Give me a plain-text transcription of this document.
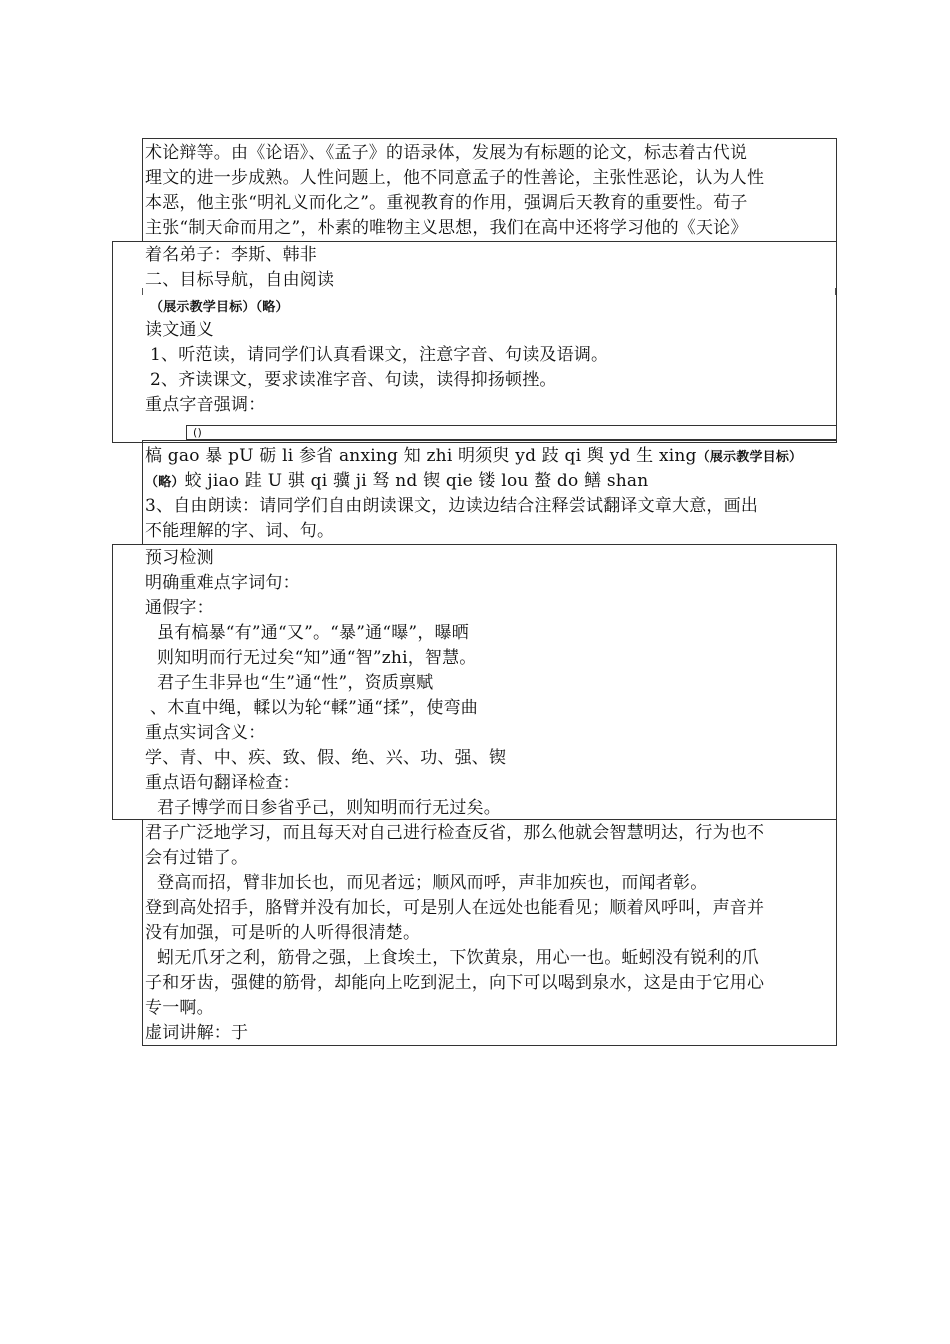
术论辩等。由《论语》、《孟子》的语录体，发展为有标题的论文，标志着古代说
理文的进一步成熟。人性问题上，他不同意孟子的性善论，主张性恶论，认为人性
本恶，他主张“明礼义而化之”。重视教育的作用，强调后天教育的重要性。荀子
主张“制天命而用之”，朴素的唯物主义思想，我们在高中还将学习他的《天论》
着名弟子：李斯、韩非
二、目标导航，自由阅读
（展示教学目标）（略）
读文通义
1、听范读，请同学们认真看课文，注意字音、句读及语调。
2、齐读课文，要求读准字音、句读，读得抑扬顿挫。
重点字音强调：
()
槁 gao 暴 pU 砺 li 参省 anxing 知 zhi 明须臾 yd 跂 qi 舆 yd 生 xing（展示教学目标）
（略）蛟 jiao 跬 U 骐 qi 骥 ji 驽 nd 锲 qie 镂 lou 螯 do 鳝 shan
3、自由朗读：请同学们自由朗读课文，边读边结合注释尝试翻译文章大意，画出
不能理解的字、词、句。
预习检测
明确重难点字词句：
通假字：
虽有槁暴“有”通“又”。“暴”通“曝”，曝晒
则知明而行无过矣“知”通“智”zhi，智慧。
君子生非异也“生”通“性”，资质禀赋
、木直中绳，輮以为轮“輮”通“揉”，使弯曲
重点实词含义：
学、青、中、疾、致、假、绝、兴、功、强、锲
重点语句翻译检查：
君子博学而日参省乎己，则知明而行无过矣。
君子广泛地学习，而且每天对自己进行检查反省，那么他就会智慧明达，行为也不
会有过错了。
登高而招，臂非加长也，而见者远；顺风而呼，声非加疾也，而闻者彰。
登到高处招手，胳臂并没有加长，可是别人在远处也能看见；顺着风呼叫，声音并
没有加强，可是听的人听得很清楚。
蚓无爪牙之利，筋骨之强，上食埃土，下饮黄泉，用心一也。蚯蚓没有锐利的爪
子和牙齿，强健的筋骨，却能向上吃到泥土，向下可以喝到泉水，这是由于它用心
专一啊。
虚词讲解：于
